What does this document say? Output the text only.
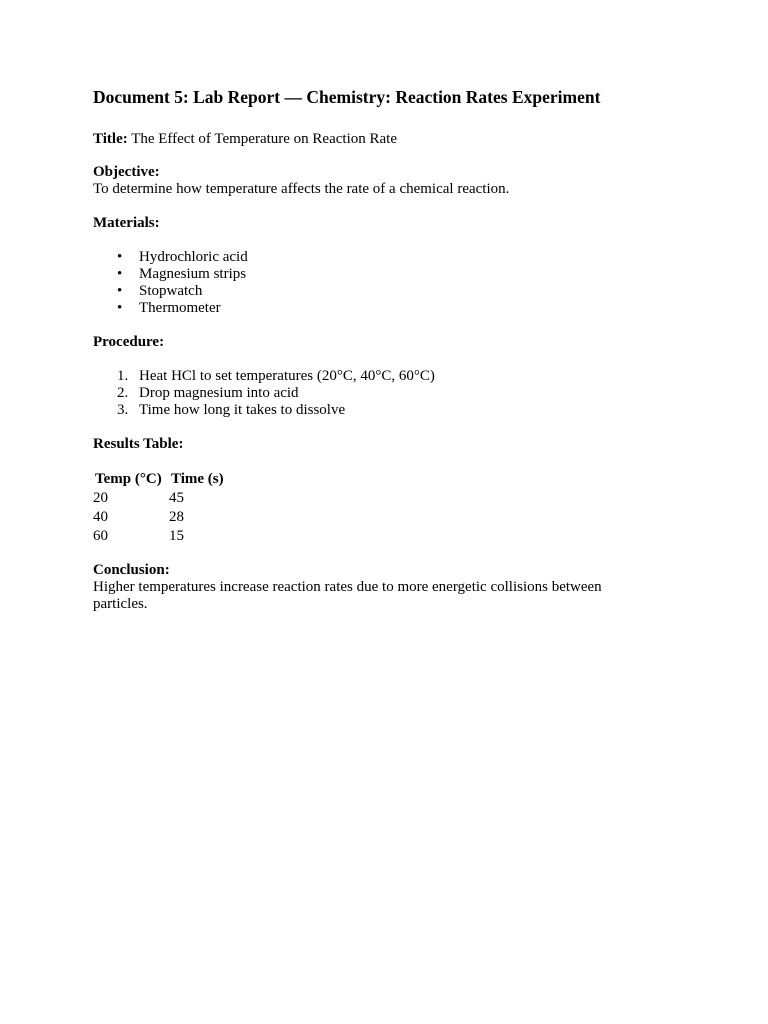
Document 5: Lab Report — Chemistry: Reaction Rates Experiment
Title: The Effect of Temperature on Reaction Rate
Objective:
To determine how temperature affects the rate of a chemical reaction.
Materials:
• Hydrochloric acid
• Magnesium strips
• Stopwatch
• Thermometer
Procedure:
1. Heat HCl to set temperatures (20°C, 40°C, 60°C)
2. Drop magnesium into acid
3. Time how long it takes to dissolve
Results Table:
Temp (°C)	Time (s)
20	45
40	28
60	15
Conclusion:
Higher temperatures increase reaction rates due to more energetic collisions between particles.
